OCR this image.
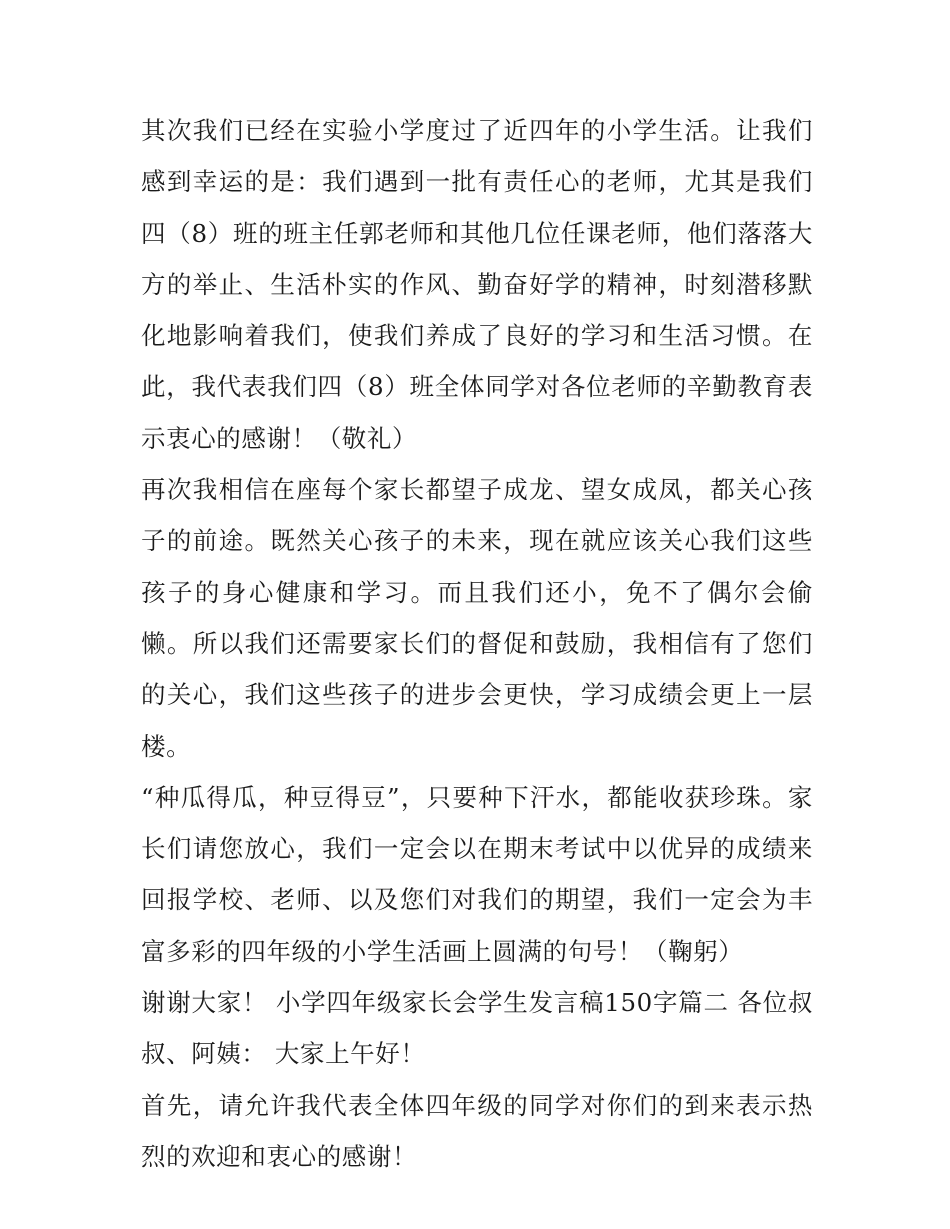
其次我们已经在实验小学度过了近四年的小学生活。让我们感到幸运的是：我们遇到一批有责任心的老师，尤其是我们四（8）班的班主任郭老师和其他几位任课老师，他们落落大方的举止、生活朴实的作风、勤奋好学的精神，时刻潜移默化地影响着我们，使我们养成了良好的学习和生活习惯。在此，我代表我们四（8）班全体同学对各位老师的辛勤教育表示衷心的感谢！（敬礼）

再次我相信在座每个家长都望子成龙、望女成凤，都关心孩子的前途。既然关心孩子的未来，现在就应该关心我们这些孩子的身心健康和学习。而且我们还小，免不了偶尔会偷懒。所以我们还需要家长们的督促和鼓励，我相信有了您们的关心，我们这些孩子的进步会更快，学习成绩会更上一层楼。

“种瓜得瓜，种豆得豆”，只要种下汗水，都能收获珍珠。家长们请您放心，我们一定会以在期末考试中以优异的成绩来回报学校、老师、以及您们对我们的期望，我们一定会为丰富多彩的四年级的小学生活画上圆满的句号！（鞠躬）

谢谢大家！ 小学四年级家长会学生发言稿150字篇二 各位叔叔、阿姨： 大家上午好！

首先，请允许我代表全体四年级的同学对你们的到来表示热烈的欢迎和衷心的感谢！
